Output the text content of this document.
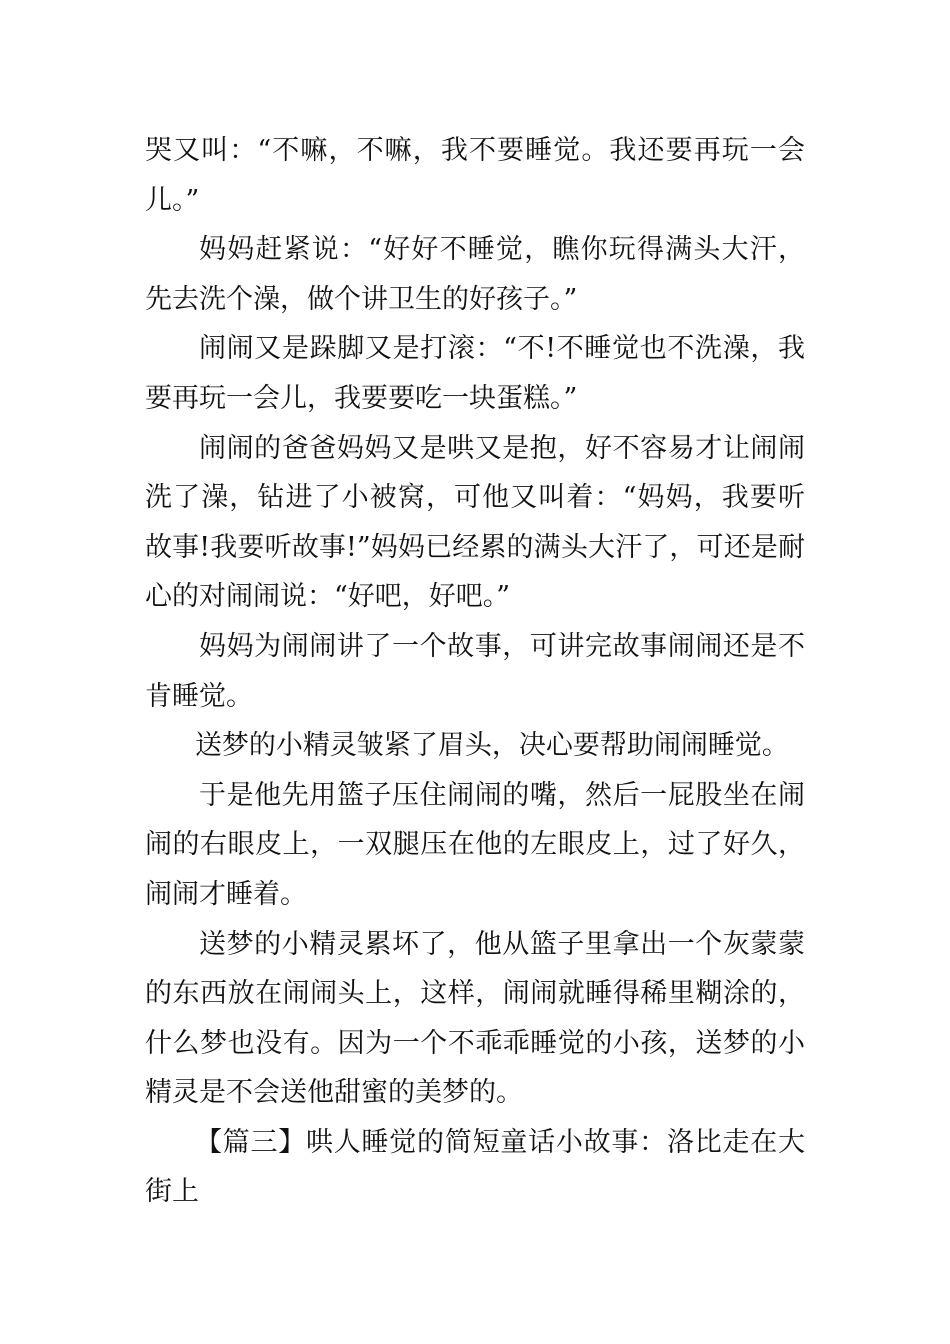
哭又叫：“不嘛，不嘛，我不要睡觉。我还要再玩一会儿。”

妈妈赶紧说：“好好不睡觉，瞧你玩得满头大汗，先去洗个澡，做个讲卫生的好孩子。”

闹闹又是跺脚又是打滚：“不!不睡觉也不洗澡，我要再玩一会儿，我要要吃一块蛋糕。”

闹闹的爸爸妈妈又是哄又是抱，好不容易才让闹闹洗了澡，钻进了小被窝，可他又叫着：“妈妈，我要听故事!我要听故事!”妈妈已经累的满头大汗了，可还是耐心的对闹闹说：“好吧，好吧。”

妈妈为闹闹讲了一个故事，可讲完故事闹闹还是不肯睡觉。

送梦的小精灵皱紧了眉头，决心要帮助闹闹睡觉。

于是他先用篮子压住闹闹的嘴，然后一屁股坐在闹闹的右眼皮上，一双腿压在他的左眼皮上，过了好久，闹闹才睡着。

送梦的小精灵累坏了，他从篮子里拿出一个灰蒙蒙的东西放在闹闹头上，这样，闹闹就睡得稀里糊涂的，什么梦也没有。因为一个不乖乖睡觉的小孩，送梦的小精灵是不会送他甜蜜的美梦的。

【篇三】哄人睡觉的简短童话小故事：洛比走在大街上
